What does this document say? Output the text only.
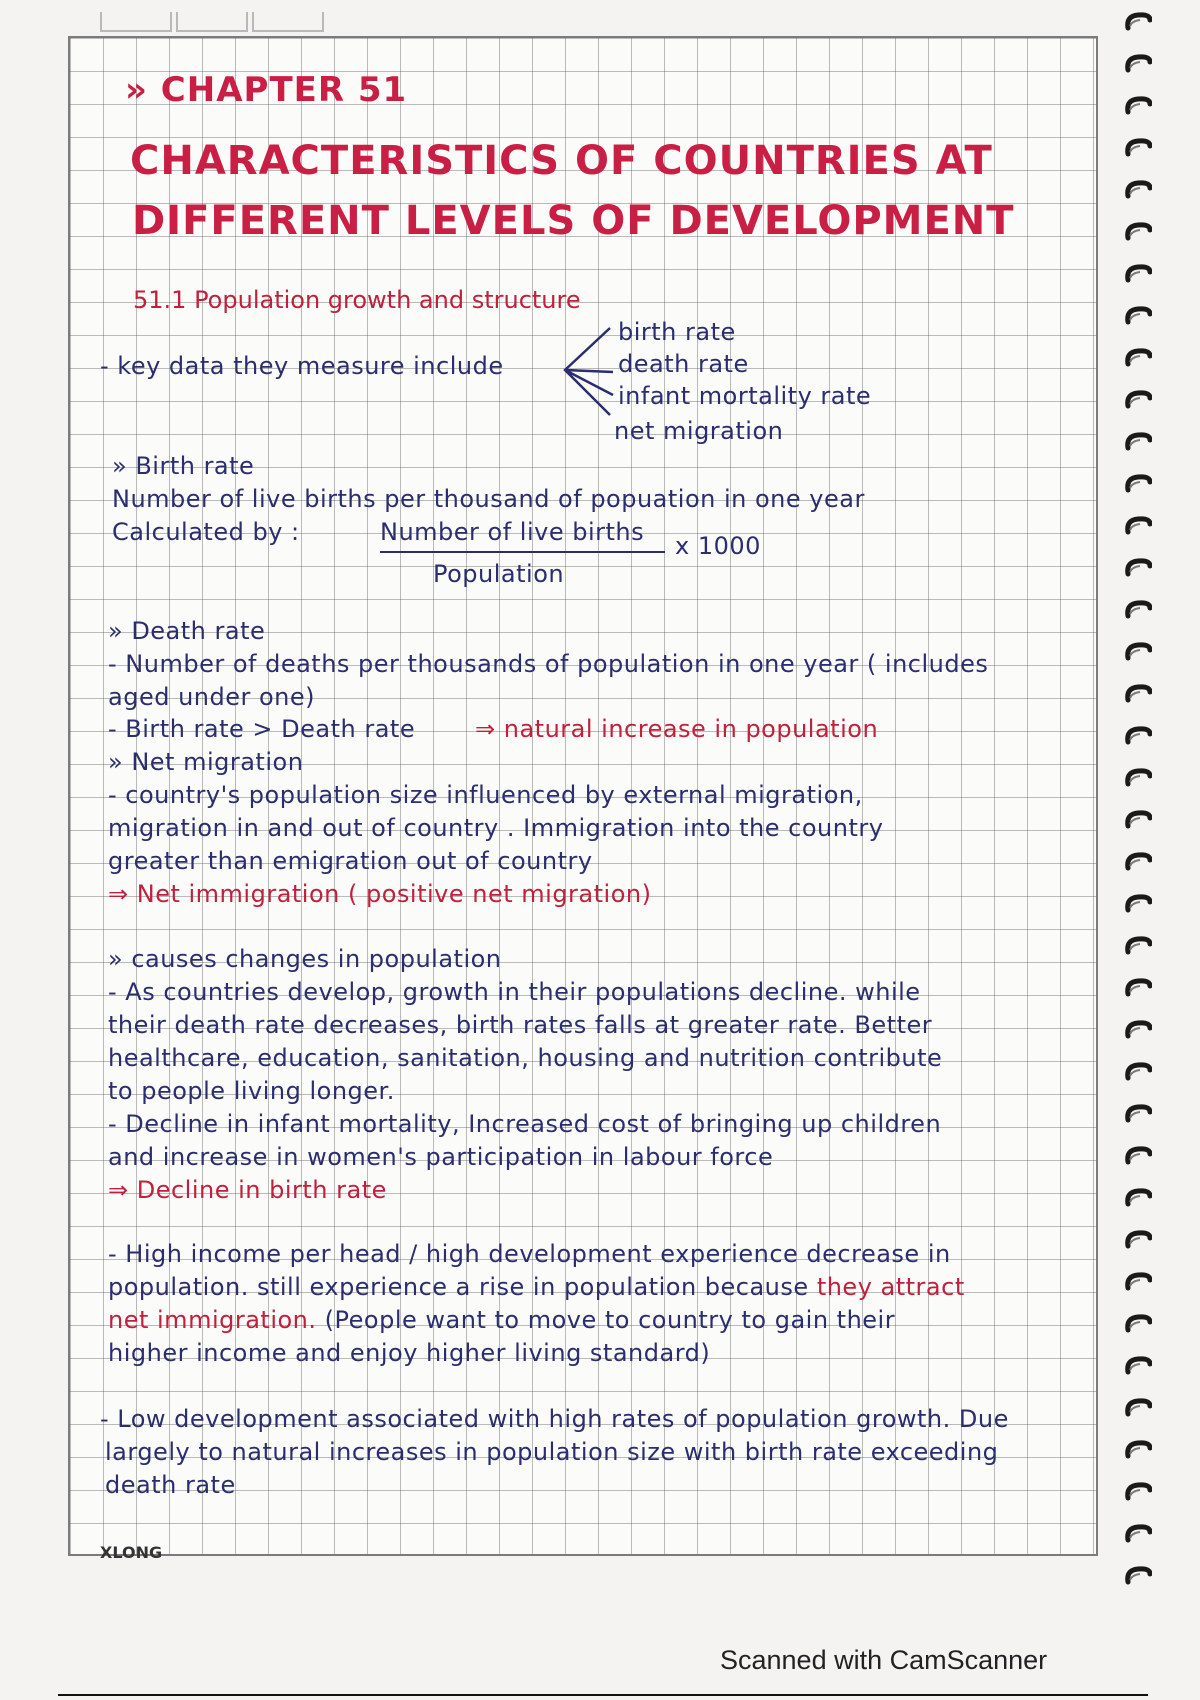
» CHAPTER 51
CHARACTERISTICS OF COUNTRIES AT
DIFFERENT LEVELS OF DEVELOPMENT
51.1 Population growth and structure
- key data they measure include
birth rate
death rate
infant mortality rate
net migration
» Birth rate
Number of live births per thousand of popuation in one year
Calculated by :	Number of live births x 1000
Population
» Death rate
- Number of deaths per thousands of population in one year ( includes
aged under one)
- Birth rate > Death rate ⇒ natural increase in population
» Net migration
- country's population size influenced by external migration,
migration in and out of country . Immigration into the country
greater than emigration out of country
⇒ Net immigration ( positive net migration)
» causes changes in population
- As countries develop, growth in their populations decline. while
their death rate decreases, birth rates falls at greater rate. Better
healthcare, education, sanitation, housing and nutrition contribute
to people living longer.
- Decline in infant mortality, Increased cost of bringing up children
and increase in women's participation in labour force
⇒ Decline in birth rate
- High income per head / high development experience decrease in
population. still experience a rise in population because they attract
net immigration. (People want to move to country to gain their
higher income and enjoy higher living standard)
- Low development associated with high rates of population growth. Due
largely to natural increases in population size with birth rate exceeding
death rate
XLONG
Scanned with CamScanner
